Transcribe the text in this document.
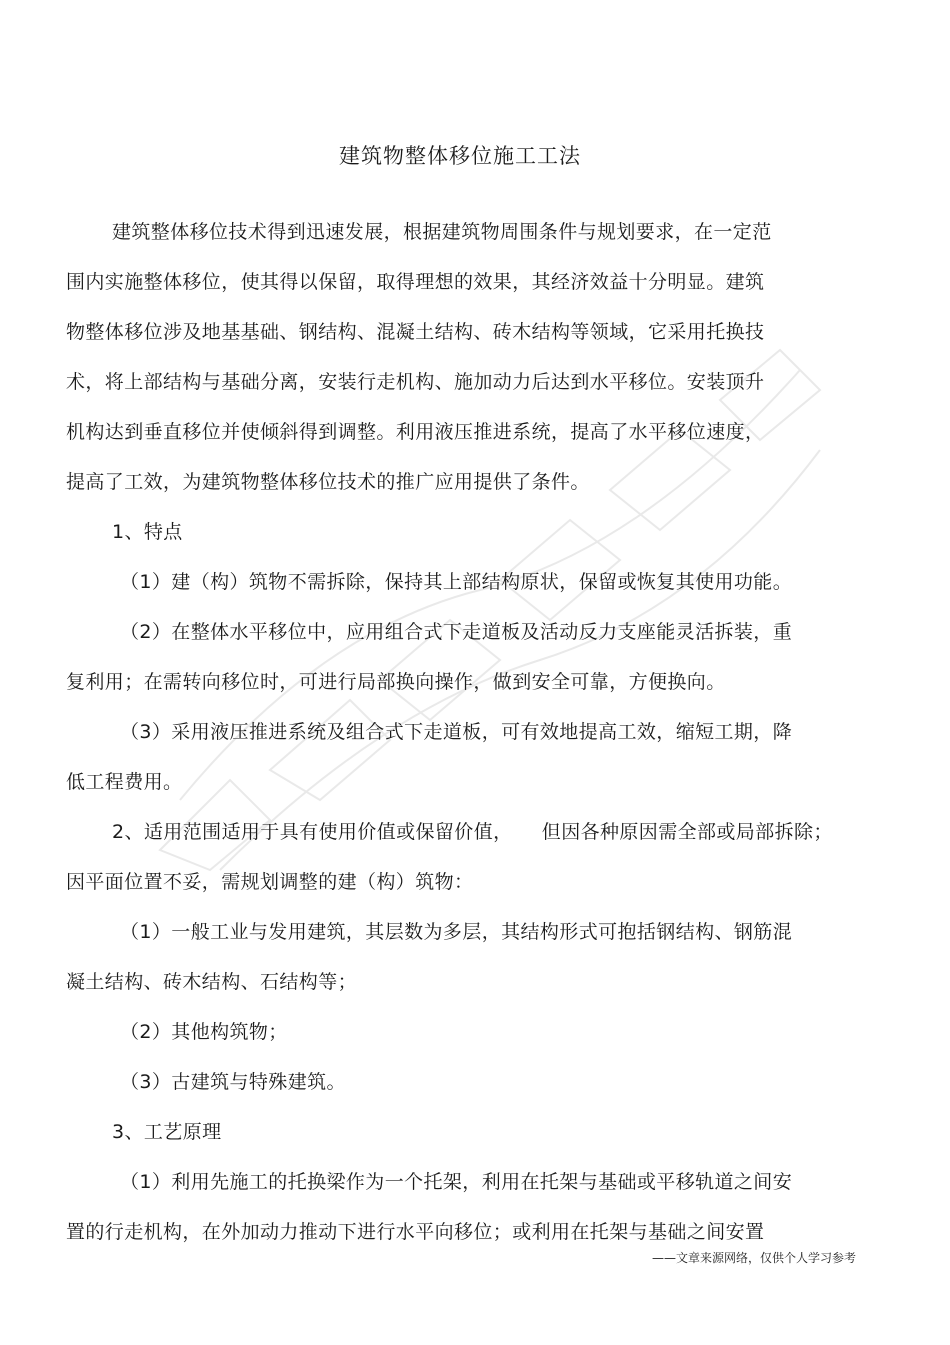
建筑物整体移位施工工法

建筑整体移位技术得到迅速发展，根据建筑物周围条件与规划要求，在一定范

围内实施整体移位，使其得以保留，取得理想的效果，其经济效益十分明显。建筑

物整体移位涉及地基基础、钢结构、混凝土结构、砖木结构等领域，它采用托换技

术，将上部结构与基础分离，安装行走机构、施加动力后达到水平移位。安装顶升

机构达到垂直移位并使倾斜得到调整。利用液压推进系统，提高了水平移位速度，

提高了工效，为建筑物整体移位技术的推广应用提供了条件。

1、特点

（1）建（构）筑物不需拆除，保持其上部结构原状，保留或恢复其使用功能。

（2）在整体水平移位中，应用组合式下走道板及活动反力支座能灵活拆装，重

复利用；在需转向移位时，可进行局部换向操作，做到安全可靠，方便换向。

（3）采用液压推进系统及组合式下走道板，可有效地提高工效，缩短工期，降

低工程费用。

2、适用范围适用于具有使用价值或保留价值，　　但因各种原因需全部或局部拆除；

因平面位置不妥，需规划调整的建（构）筑物：

（1）一般工业与发用建筑，其层数为多层，其结构形式可抱括钢结构、钢筋混

凝土结构、砖木结构、石结构等；

（2）其他构筑物；

（3）古建筑与特殊建筑。

3、工艺原理

（1）利用先施工的托换梁作为一个托架，利用在托架与基础或平移轨道之间安

置的行走机构，在外加动力推动下进行水平向移位；或利用在托架与基础之间安置

——文章来源网络，仅供个人学习参考
